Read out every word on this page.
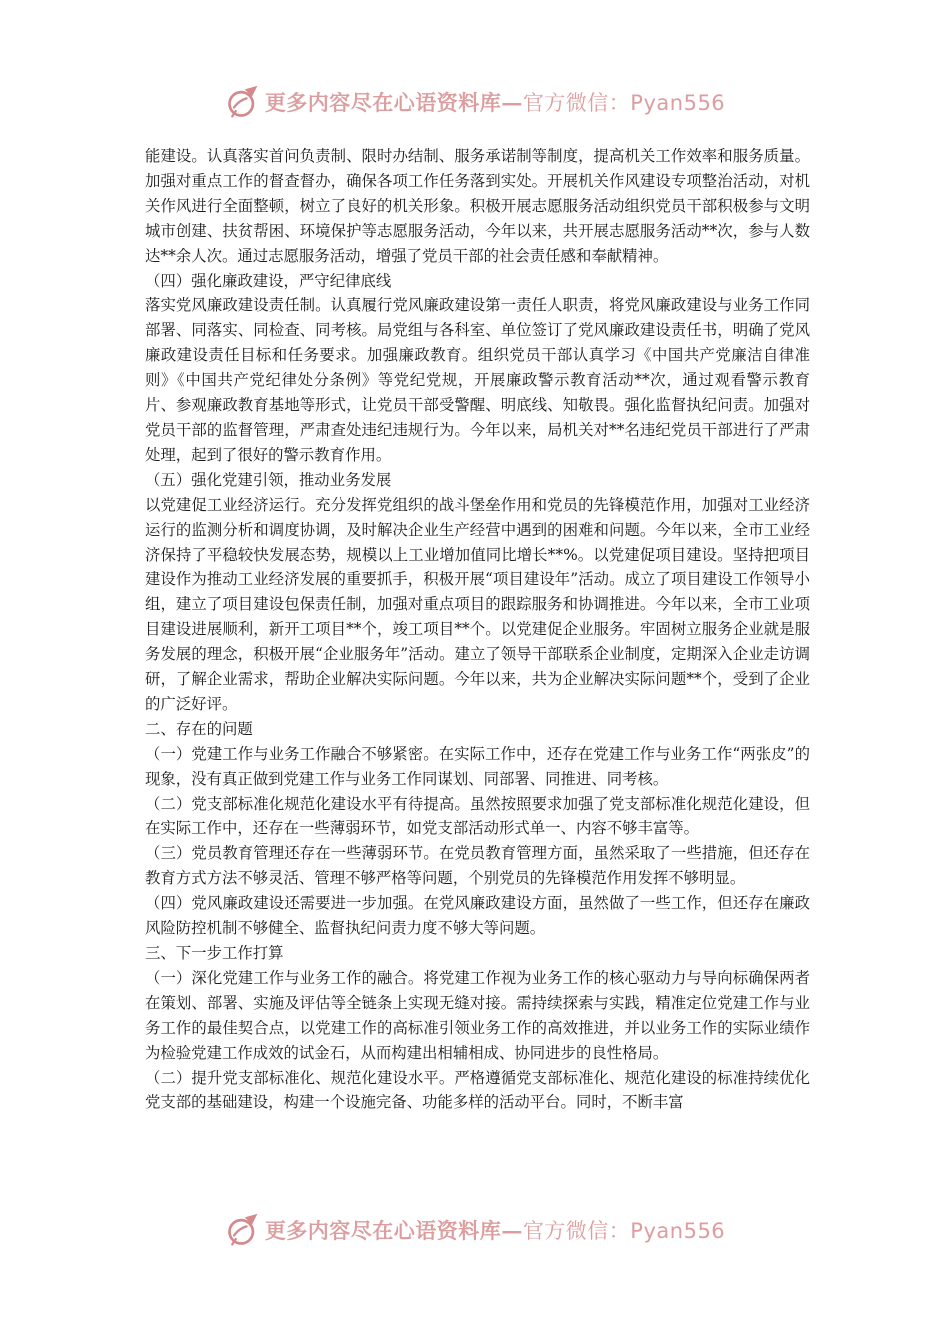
更多内容尽在心语资料库—官方微信：Pyan556

能建设。认真落实首问负责制、限时办结制、服务承诺制等制度，提高机关工作效率和服务质量。加强对重点工作的督查督办，确保各项工作任务落到实处。开展机关作风建设专项整治活动，对机关作风进行全面整顿，树立了良好的机关形象。积极开展志愿服务活动组织党员干部积极参与文明城市创建、扶贫帮困、环境保护等志愿服务活动，今年以来，共开展志愿服务活动**次，参与人数达**余人次。通过志愿服务活动，增强了党员干部的社会责任感和奉献精神。

（四）强化廉政建设，严守纪律底线

落实党风廉政建设责任制。认真履行党风廉政建设第一责任人职责，将党风廉政建设与业务工作同部署、同落实、同检查、同考核。局党组与各科室、单位签订了党风廉政建设责任书，明确了党风廉政建设责任目标和任务要求。加强廉政教育。组织党员干部认真学习《中国共产党廉洁自律准则》《中国共产党纪律处分条例》等党纪党规，开展廉政警示教育活动**次，通过观看警示教育片、参观廉政教育基地等形式，让党员干部受警醒、明底线、知敬畏。强化监督执纪问责。加强对党员干部的监督管理，严肃查处违纪违规行为。今年以来，局机关对**名违纪党员干部进行了严肃处理，起到了很好的警示教育作用。

（五）强化党建引领，推动业务发展

以党建促工业经济运行。充分发挥党组织的战斗堡垒作用和党员的先锋模范作用，加强对工业经济运行的监测分析和调度协调，及时解决企业生产经营中遇到的困难和问题。今年以来，全市工业经济保持了平稳较快发展态势，规模以上工业增加值同比增长**%。以党建促项目建设。坚持把项目建设作为推动工业经济发展的重要抓手，积极开展“项目建设年”活动。成立了项目建设工作领导小组，建立了项目建设包保责任制，加强对重点项目的跟踪服务和协调推进。今年以来，全市工业项目建设进展顺利，新开工项目**个，竣工项目**个。以党建促企业服务。牢固树立服务企业就是服务发展的理念，积极开展“企业服务年”活动。建立了领导干部联系企业制度，定期深入企业走访调研，了解企业需求，帮助企业解决实际问题。今年以来，共为企业解决实际问题**个，受到了企业的广泛好评。

二、存在的问题

（一）党建工作与业务工作融合不够紧密。在实际工作中，还存在党建工作与业务工作“两张皮”的现象，没有真正做到党建工作与业务工作同谋划、同部署、同推进、同考核。

（二）党支部标准化规范化建设水平有待提高。虽然按照要求加强了党支部标准化规范化建设，但在实际工作中，还存在一些薄弱环节，如党支部活动形式单一、内容不够丰富等。

（三）党员教育管理还存在一些薄弱环节。在党员教育管理方面，虽然采取了一些措施，但还存在教育方式方法不够灵活、管理不够严格等问题，个别党员的先锋模范作用发挥不够明显。

（四）党风廉政建设还需要进一步加强。在党风廉政建设方面，虽然做了一些工作，但还存在廉政风险防控机制不够健全、监督执纪问责力度不够大等问题。

三、下一步工作打算

（一）深化党建工作与业务工作的融合。将党建工作视为业务工作的核心驱动力与导向标确保两者在策划、部署、实施及评估等全链条上实现无缝对接。需持续探索与实践，精准定位党建工作与业务工作的最佳契合点，以党建工作的高标准引领业务工作的高效推进，并以业务工作的实际业绩作为检验党建工作成效的试金石，从而构建出相辅相成、协同进步的良性格局。

（二）提升党支部标准化、规范化建设水平。严格遵循党支部标准化、规范化建设的标准持续优化党支部的基础建设，构建一个设施完备、功能多样的活动平台。同时，不断丰富

更多内容尽在心语资料库—官方微信：Pyan556
